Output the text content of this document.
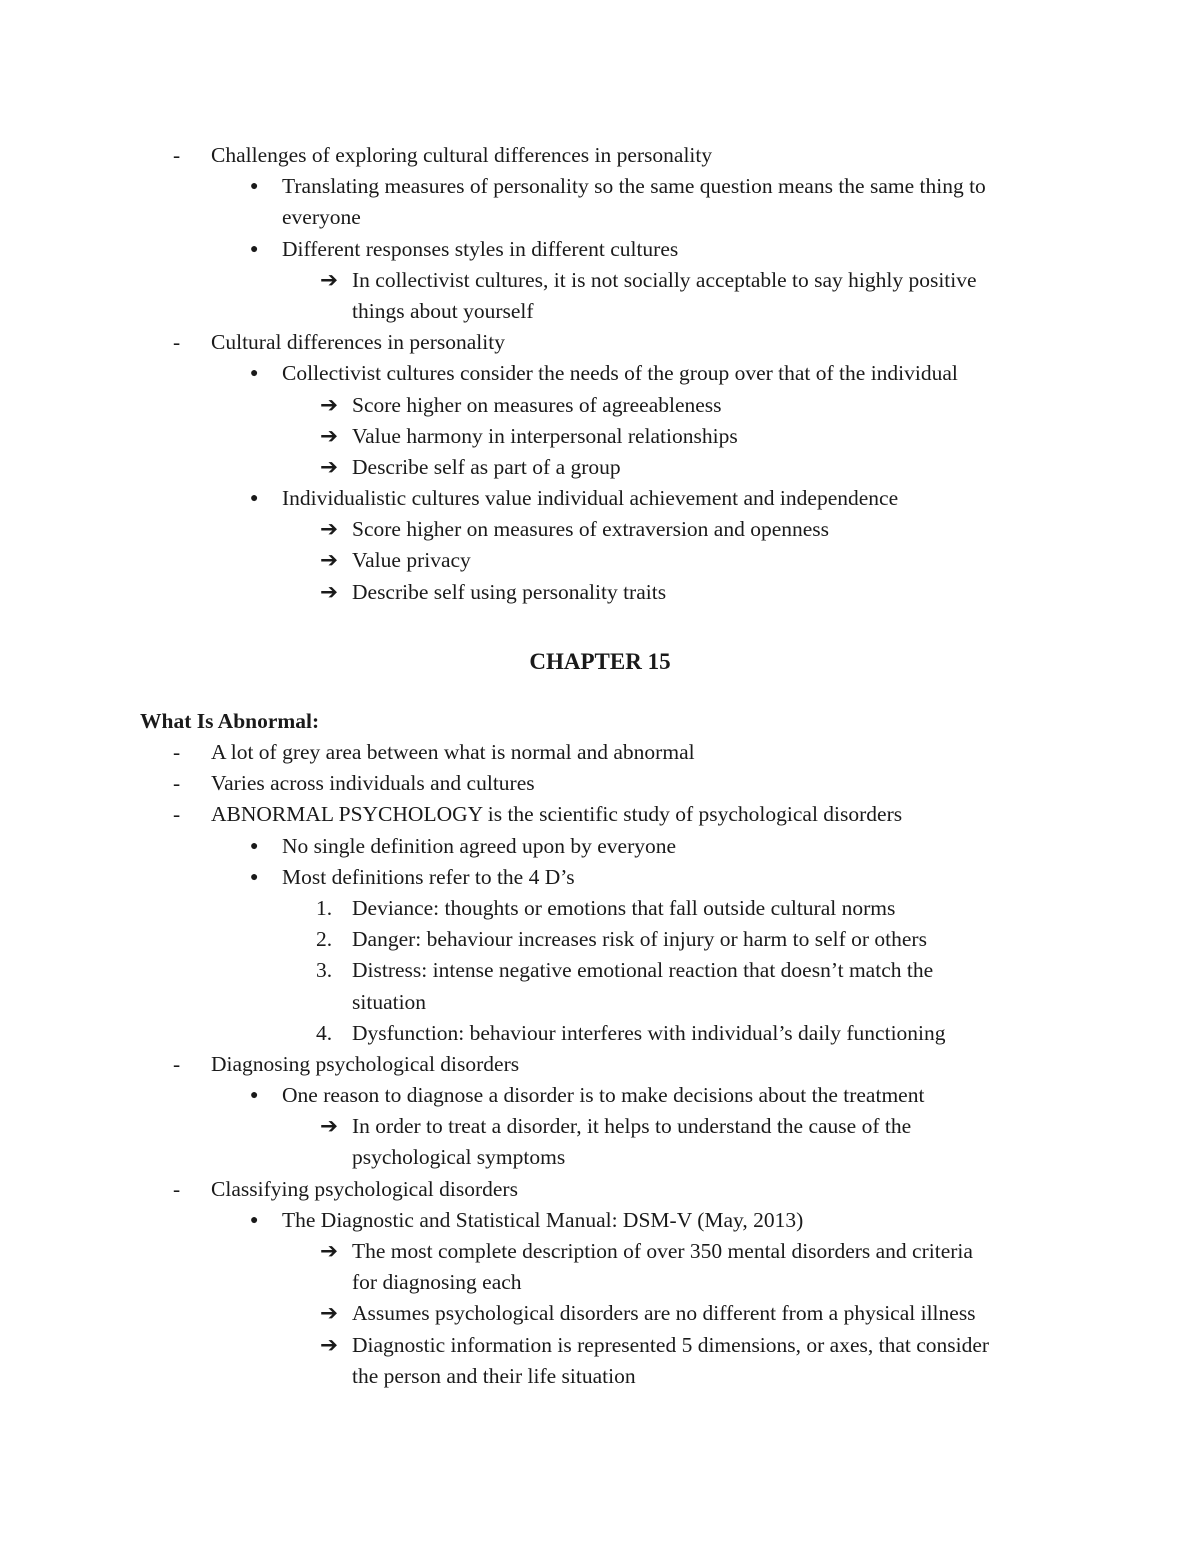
- Challenges of exploring cultural differences in personality
● Translating measures of personality so the same question means the same thing to
everyone
● Different responses styles in different cultures
➔ In collectivist cultures, it is not socially acceptable to say highly positive
things about yourself
- Cultural differences in personality
● Collectivist cultures consider the needs of the group over that of the individual
➔ Score higher on measures of agreeableness
➔ Value harmony in interpersonal relationships
➔ Describe self as part of a group
● Individualistic cultures value individual achievement and independence
➔ Score higher on measures of extraversion and openness
➔ Value privacy
➔ Describe self using personality traits
CHAPTER 15
What Is Abnormal:
- A lot of grey area between what is normal and abnormal
- Varies across individuals and cultures
- ABNORMAL PSYCHOLOGY is the scientific study of psychological disorders
● No single definition agreed upon by everyone
● Most definitions refer to the 4 D’s
1. Deviance: thoughts or emotions that fall outside cultural norms
2. Danger: behaviour increases risk of injury or harm to self or others
3. Distress: intense negative emotional reaction that doesn’t match the
situation
4. Dysfunction: behaviour interferes with individual’s daily functioning
- Diagnosing psychological disorders
● One reason to diagnose a disorder is to make decisions about the treatment
➔ In order to treat a disorder, it helps to understand the cause of the
psychological symptoms
- Classifying psychological disorders
● The Diagnostic and Statistical Manual: DSM-V (May, 2013)
➔ The most complete description of over 350 mental disorders and criteria
for diagnosing each
➔ Assumes psychological disorders are no different from a physical illness
➔ Diagnostic information is represented 5 dimensions, or axes, that consider
the person and their life situation
